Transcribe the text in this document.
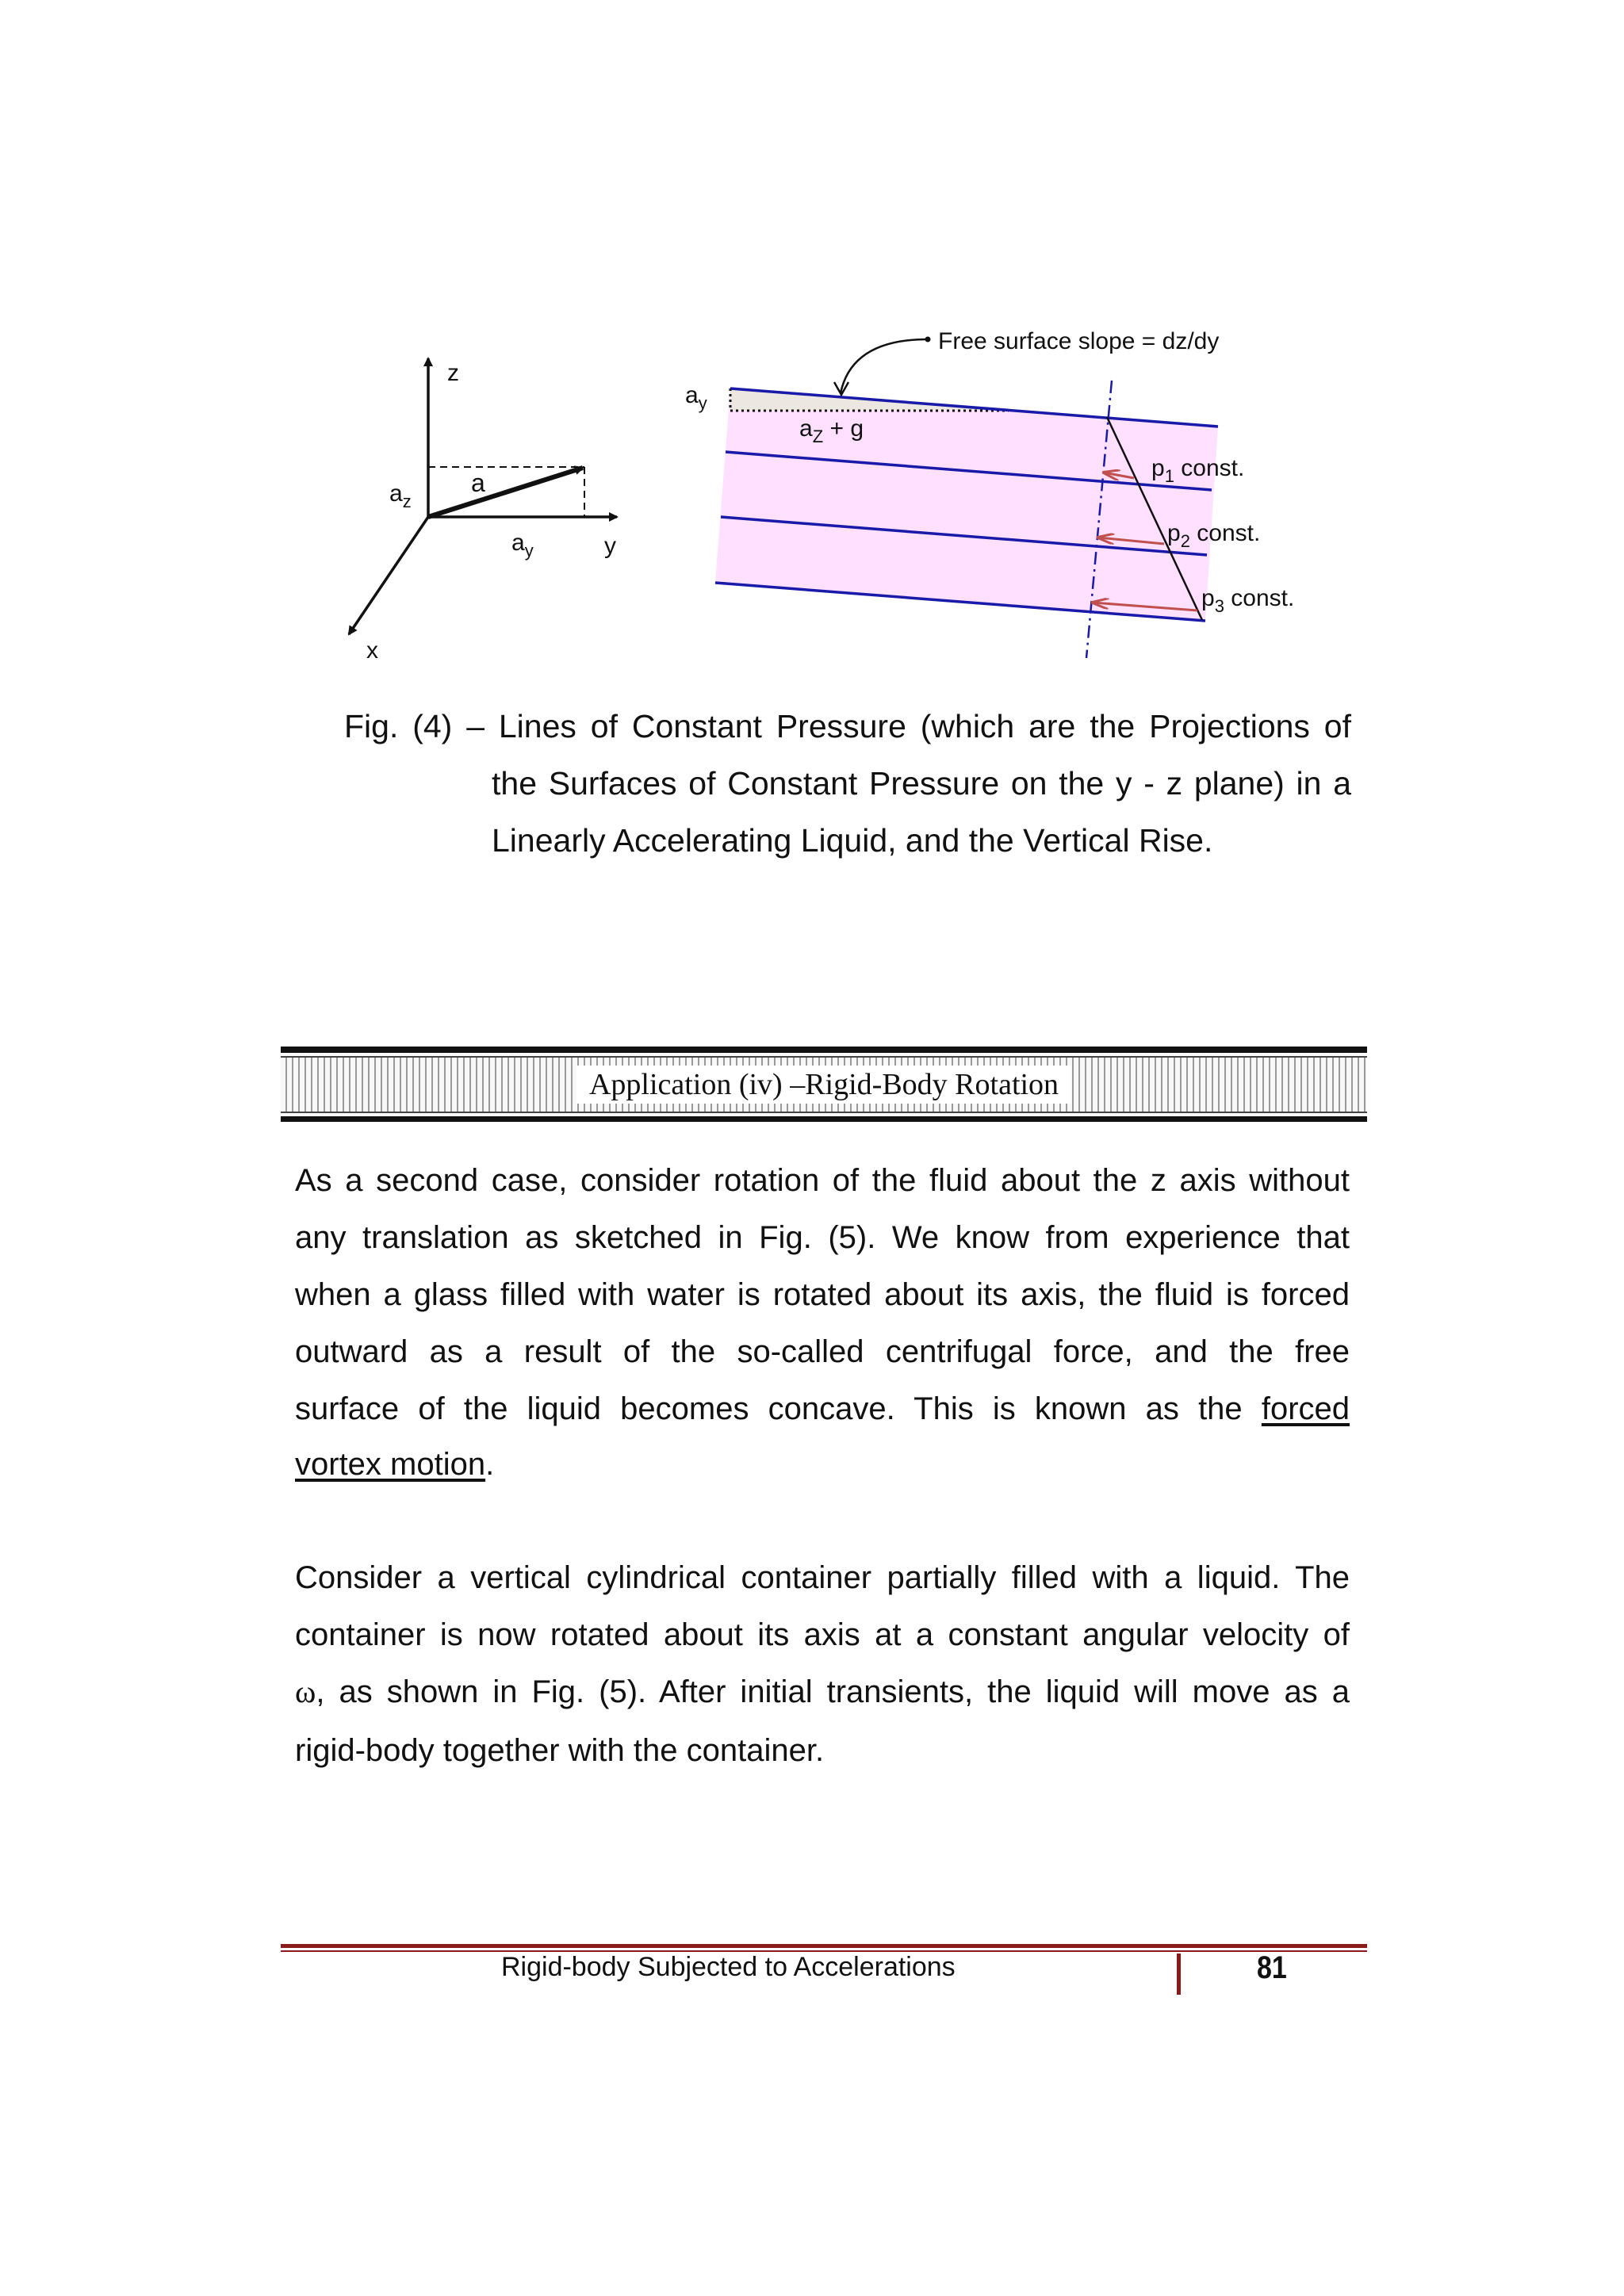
z
y
x
a
$a_z$
$a_y$
Free surface slope = dz/dy
$a_y$
$a_Z + g$
$p_1$ const.
$p_2$ const.
$p_3$ const.
Fig. (4) – Lines of Constant Pressure (which are the Projections of
the Surfaces of Constant Pressure on the y - z plane) in a
Linearly Accelerating Liquid, and the Vertical Rise.
Application (iv) –Rigid-Body Rotation
As a second case, consider rotation of the fluid about the z axis without
any translation as sketched in Fig. (5). We know from experience that
when a glass filled with water is rotated about its axis, the fluid is forced
outward as a result of the so-called centrifugal force, and the free
surface of the liquid becomes concave. This is known as the forced
vortex motion.
Consider a vertical cylindrical container partially filled with a liquid. The
container is now rotated about its axis at a constant angular velocity of
ω, as shown in Fig. (5). After initial transients, the liquid will move as a
rigid-body together with the container.
Rigid-body Subjected to Accelerations	81
